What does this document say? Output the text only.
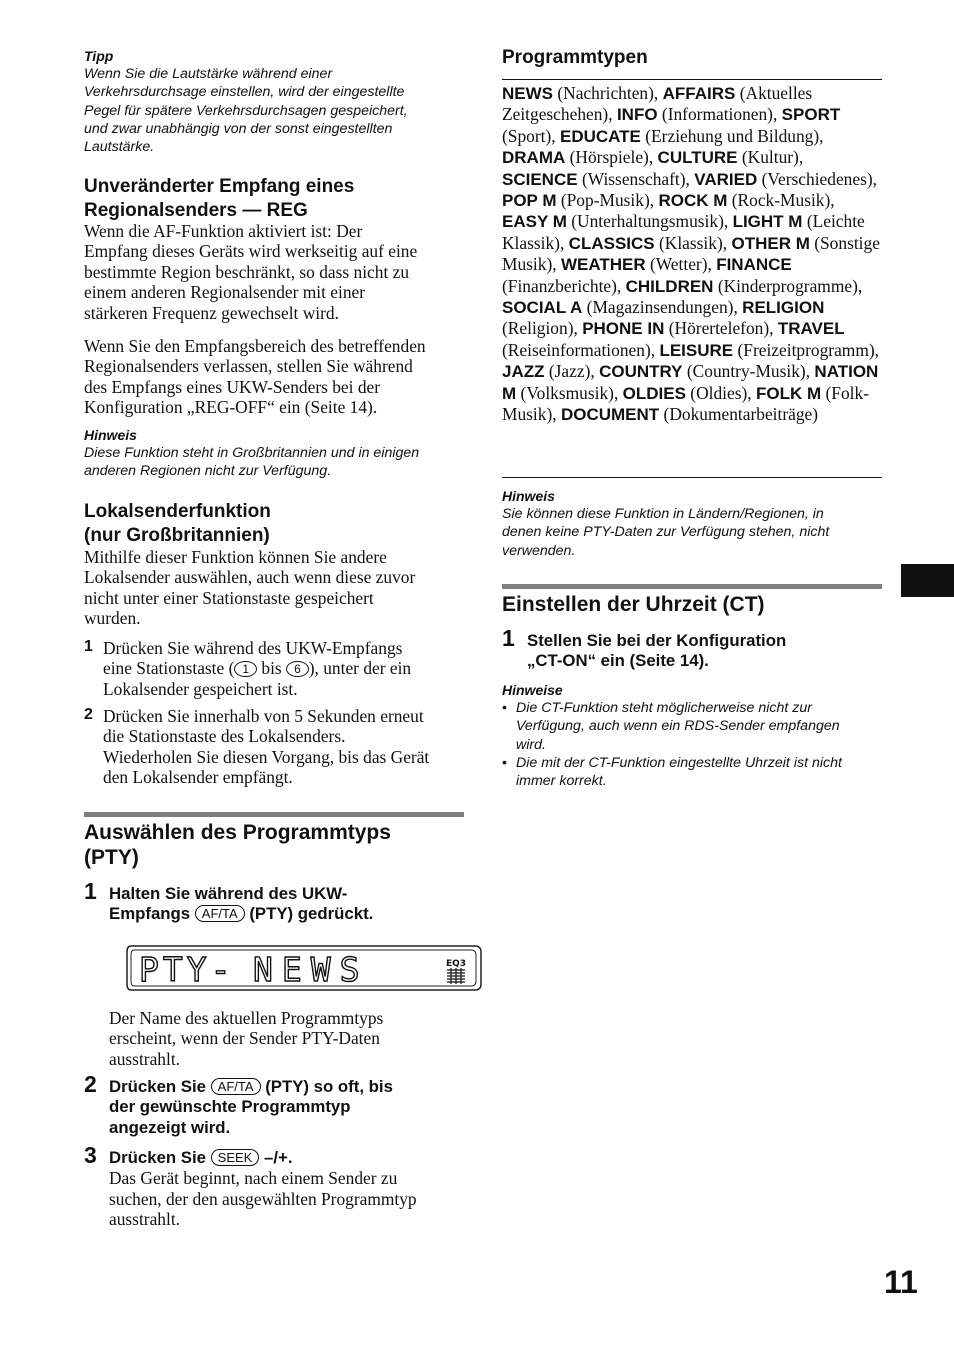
Tipp
Wenn Sie die Lautstärke während einer
Verkehrsdurchsage einstellen, wird der eingestellte
Pegel für spätere Verkehrsdurchsagen gespeichert,
und zwar unabhängig von der sonst eingestellten
Lautstärke.
Unveränderter Empfang eines
Regionalsenders — REG
Wenn die AF-Funktion aktiviert ist: Der
Empfang dieses Geräts wird werkseitig auf eine
bestimmte Region beschränkt, so dass nicht zu
einem anderen Regionalsender mit einer
stärkeren Frequenz gewechselt wird.
Wenn Sie den Empfangsbereich des betreffenden
Regionalsenders verlassen, stellen Sie während
des Empfangs eines UKW-Senders bei der
Konfiguration „REG-OFF“ ein (Seite 14).
Hinweis
Diese Funktion steht in Großbritannien und in einigen
anderen Regionen nicht zur Verfügung.
Lokalsenderfunktion
(nur Großbritannien)
Mithilfe dieser Funktion können Sie andere
Lokalsender auswählen, auch wenn diese zuvor
nicht unter einer Stationstaste gespeichert
wurden.
1 Drücken Sie während des UKW-Empfangs
eine Stationstaste ( 1 bis 6 ), unter der ein
Lokalsender gespeichert ist.
2 Drücken Sie innerhalb von 5 Sekunden erneut
die Stationstaste des Lokalsenders.
Wiederholen Sie diesen Vorgang, bis das Gerät
den Lokalsender empfängt.
Auswählen des Programmtyps
(PTY)
1 Halten Sie während des UKW-
Empfangs AF/TA (PTY) gedrückt.
PTY- NEWS	EQ3
Der Name des aktuellen Programmtyps
erscheint, wenn der Sender PTY-Daten
ausstrahlt.
2 Drücken Sie AF/TA (PTY) so oft, bis
der gewünschte Programmtyp
angezeigt wird.
3 Drücken Sie SEEK –/+.
Das Gerät beginnt, nach einem Sender zu
suchen, der den ausgewählten Programmtyp
ausstrahlt.
Programmtypen
NEWS (Nachrichten), AFFAIRS (Aktuelles Zeitgeschehen), INFO (Informationen), SPORT (Sport), EDUCATE (Erziehung und Bildung), DRAMA (Hörspiele), CULTURE (Kultur), SCIENCE (Wissenschaft), VARIED (Verschiedenes), POP M (Pop-Musik), ROCK M (Rock-Musik), EASY M (Unterhaltungsmusik), LIGHT M (Leichte Klassik), CLASSICS (Klassik), OTHER M (Sonstige Musik), WEATHER (Wetter), FINANCE (Finanzberichte), CHILDREN (Kinderprogramme), SOCIAL A (Magazinsendungen), RELIGION (Religion), PHONE IN (Hörertelefon), TRAVEL (Reiseinformationen), LEISURE (Freizeitprogramm), JAZZ (Jazz), COUNTRY (Country-Musik), NATION M (Volksmusik), OLDIES (Oldies), FOLK M (Folk-Musik), DOCUMENT (Dokumentarbeiträge)
Hinweis
Sie können diese Funktion in Ländern/Regionen, in
denen keine PTY-Daten zur Verfügung stehen, nicht
verwenden.
Einstellen der Uhrzeit (CT)
1 Stellen Sie bei der Konfiguration
„CT-ON“ ein (Seite 14).
Hinweise
• Die CT-Funktion steht möglicherweise nicht zur
Verfügung, auch wenn ein RDS-Sender empfangen
wird.
• Die mit der CT-Funktion eingestellte Uhrzeit ist nicht
immer korrekt.
11
